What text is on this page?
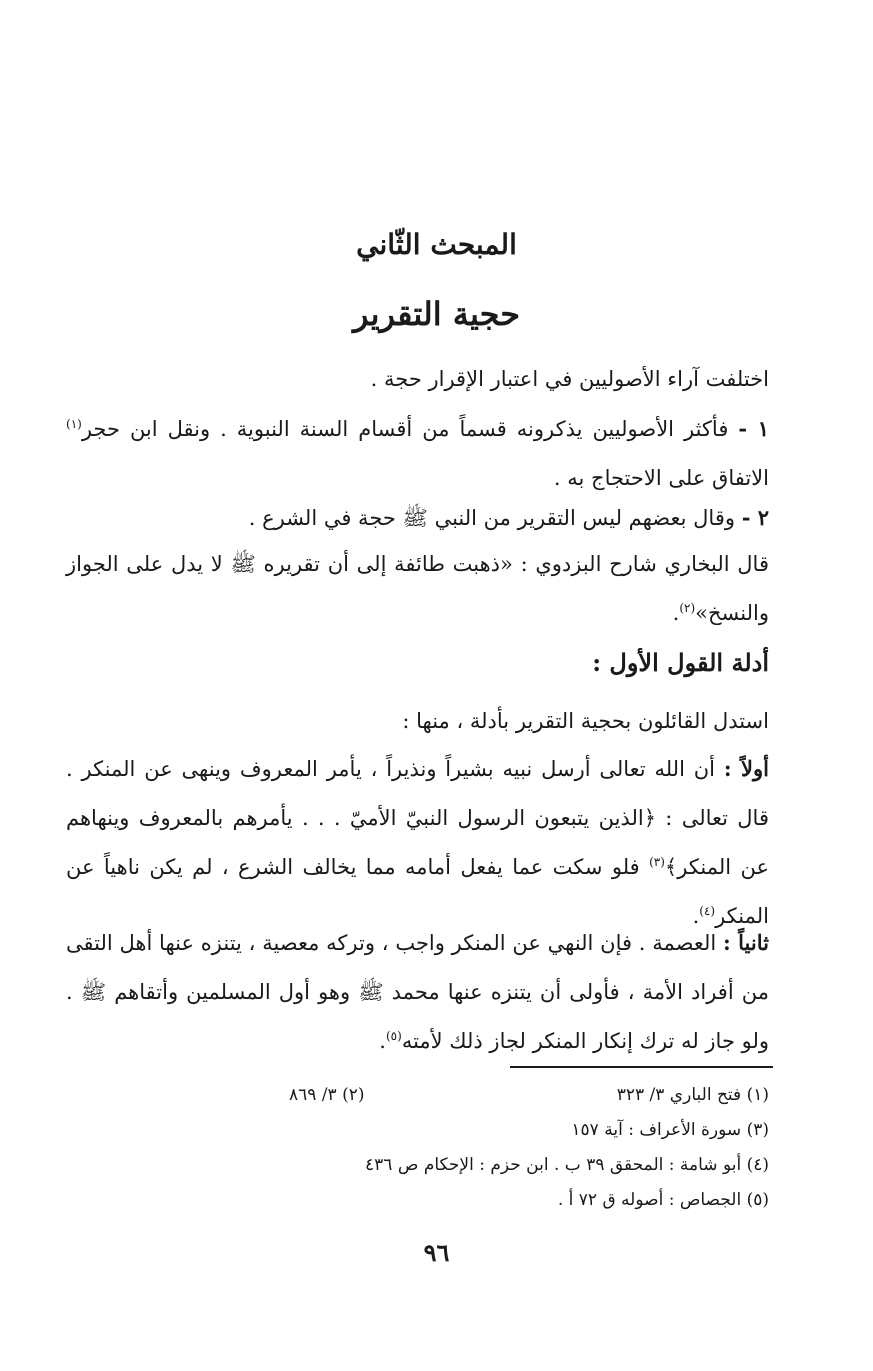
المبحث الثّاني
حجية التقرير

اختلفت آراء الأصوليين في اعتبار الإقرار حجة .

١ - فأكثر الأصوليين يذكرونه قسماً من أقسام السنة النبوية . ونقل ابن حجر$^{(١)}$ الاتفاق على الاحتجاج به .

٢ - وقال بعضهم ليس التقرير من النبي ﷺ حجة في الشرع .

قال البخاري شارح البزدوي : «ذهبت طائفة إلى أن تقريره ﷺ لا يدل على الجواز والنسخ»$^{(٢)}$.

أدلة القول الأول :

استدل القائلون بحجية التقرير بأدلة ، منها :

أولاً : أن الله تعالى أرسل نبيه بشيراً ونذيراً ، يأمر المعروف وينهى عن المنكر . قال تعالى : ﴿الذين يتبعون الرسول النبيّ الأميّ . . . يأمرهم بالمعروف وينهاهم عن المنكر﴾$^{(٣)}$ فلو سكت عما يفعل أمامه مما يخالف الشرع ، لم يكن ناهياً عن المنكر$^{(٤)}$.

ثانياً : العصمة . فإن النهي عن المنكر واجب ، وتركه معصية ، يتنزه عنها أهل التقى من أفراد الأمة ، فأولى أن يتنزه عنها محمد ﷺ وهو أول المسلمين وأتقاهم ﷺ . ولو جاز له ترك إنكار المنكر لجاز ذلك لأمته$^{(٥)}$.

(١) فتح الباري ٣/ ٣٢٣
(٢) ٣/ ٨٦٩
(٣) سورة الأعراف : آية ١٥٧
(٤) أبو شامة : المحقق ٣٩ ب . ابن حزم : الإحكام ص ٤٣٦
(٥) الجصاص : أصوله ق ٧٢ أ .
٩٦
